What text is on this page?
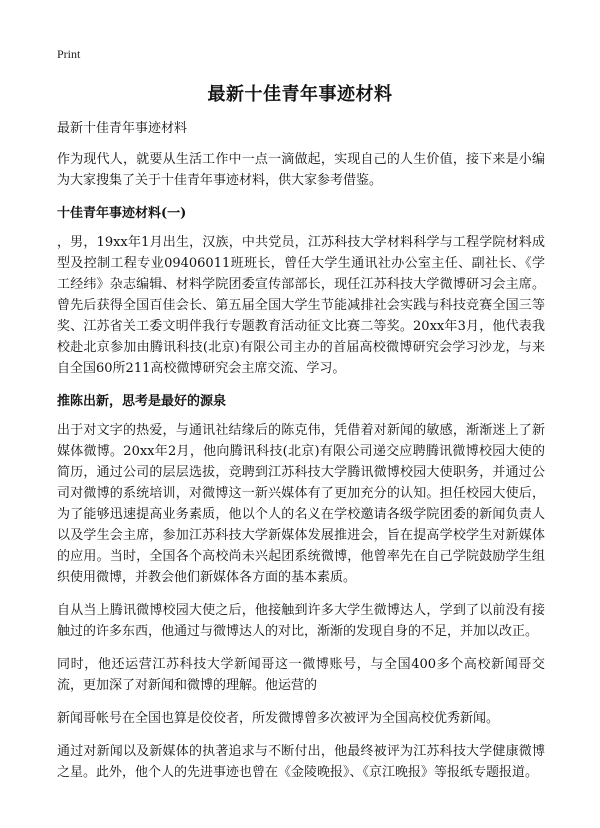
Print
最新十佳青年事迹材料

最新十佳青年事迹材料

作为现代人，就要从生活工作中一点一滴做起，实现自己的人生价值，接下来是小编为大家搜集了关于十佳青年事迹材料，供大家参考借鉴。

十佳青年事迹材料(一)

，男，19xx年1月出生，汉族，中共党员，江苏科技大学材料科学与工程学院材料成型及控制工程专业09406011班班长，曾任大学生通讯社办公室主任、副社长、《学工经纬》杂志编辑、材料学院团委宣传部部长，现任江苏科技大学微博研习会主席。曾先后获得全国百佳会长、第五届全国大学生节能减排社会实践与科技竞赛全国三等奖、江苏省关工委文明伴我行专题教育活动征文比赛二等奖。20xx年3月，他代表我校赴北京参加由腾讯科技(北京)有限公司主办的首届高校微博研究会学习沙龙，与来自全国60所211高校微博研究会主席交流、学习。

推陈出新，思考是最好的源泉

出于对文字的热爱，与通讯社结缘后的陈克伟，凭借着对新闻的敏感，渐渐迷上了新媒体微博。20xx年2月，他向腾讯科技(北京)有限公司递交应聘腾讯微博校园大使的简历，通过公司的层层选拔，竞聘到江苏科技大学腾讯微博校园大使职务，并通过公司对微博的系统培训，对微博这一新兴媒体有了更加充分的认知。担任校园大使后，为了能够迅速提高业务素质，他以个人的名义在学校邀请各级学院团委的新闻负责人以及学生会主席，参加江苏科技大学新媒体发展推进会，旨在提高学校学生对新媒体的应用。当时，全国各个高校尚未兴起团系统微博，他曾率先在自己学院鼓励学生组织使用微博，并教会他们新媒体各方面的基本素质。

自从当上腾讯微博校园大使之后，他接触到许多大学生微博达人，学到了以前没有接触过的许多东西，他通过与微博达人的对比，渐渐的发现自身的不足，并加以改正。

同时，他还运营江苏科技大学新闻哥这一微博账号，与全国400多个高校新闻哥交流，更加深了对新闻和微博的理解。他运营的

新闻哥帐号在全国也算是佼佼者，所发微博曾多次被评为全国高校优秀新闻。

通过对新闻以及新媒体的执著追求与不断付出，他最终被评为江苏科技大学健康微博之星。此外，他个人的先进事迹也曾在《金陵晚报》、《京江晚报》等报纸专题报道。
